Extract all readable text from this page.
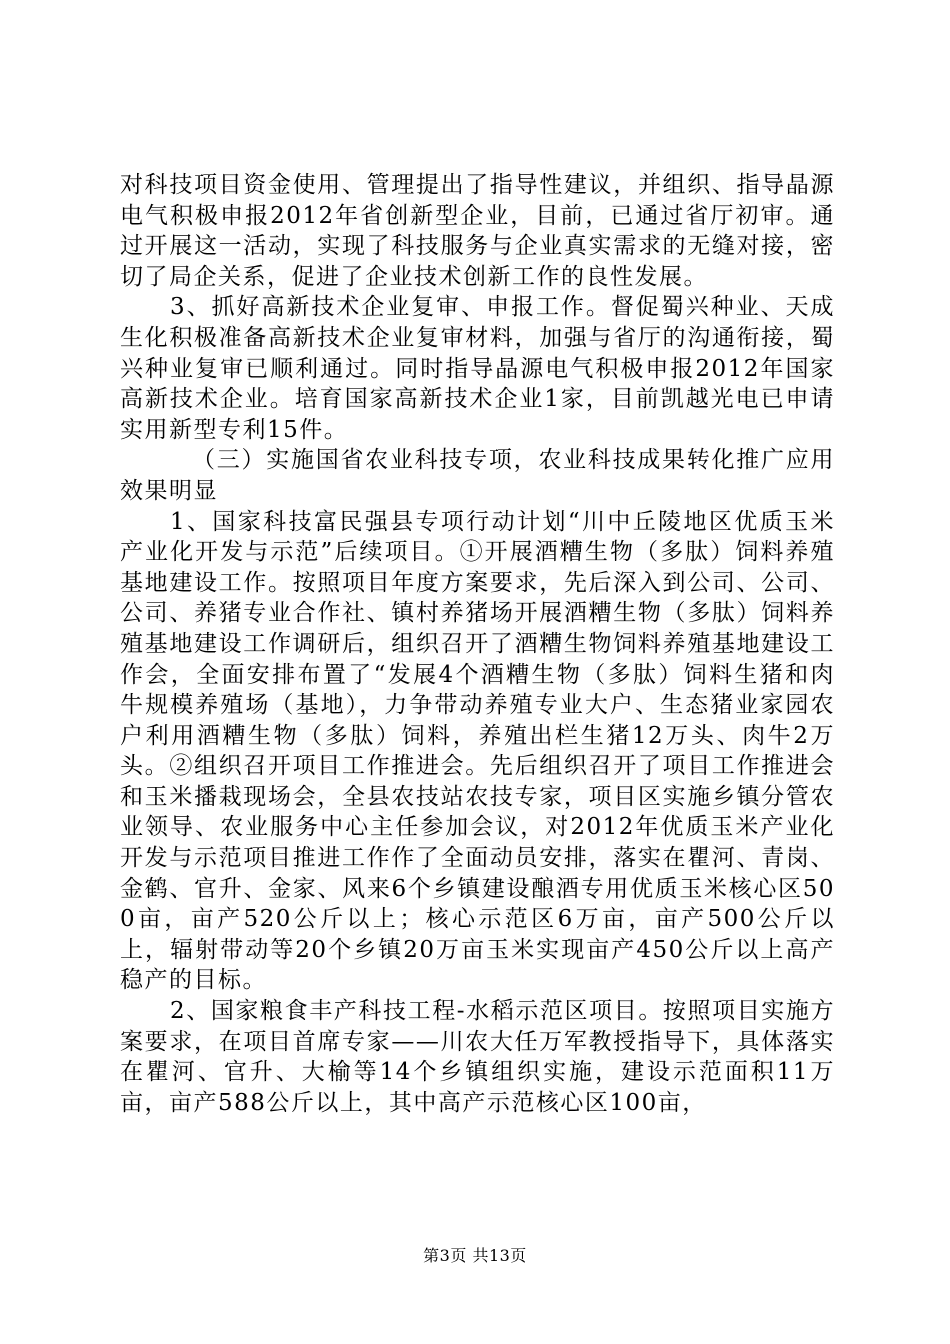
对科技项目资金使用、管理提出了指导性建议，并组织、指导晶源电气积极申报2012年省创新型企业，目前，已通过省厅初审。通过开展这一活动，实现了科技服务与企业真实需求的无缝对接，密切了局企关系，促进了企业技术创新工作的良性发展。

3、抓好高新技术企业复审、申报工作。督促蜀兴种业、天成生化积极准备高新技术企业复审材料，加强与省厅的沟通衔接，蜀兴种业复审已顺利通过。同时指导晶源电气积极申报2012年国家高新技术企业。培育国家高新技术企业1家，目前凯越光电已申请实用新型专利15件。

（三）实施国省农业科技专项，农业科技成果转化推广应用效果明显

1、国家科技富民强县专项行动计划“川中丘陵地区优质玉米产业化开发与示范”后续项目。①开展酒糟生物（多肽）饲料养殖基地建设工作。按照项目年度方案要求，先后深入到公司、公司、公司、养猪专业合作社、镇村养猪场开展酒糟生物（多肽）饲料养殖基地建设工作调研后，组织召开了酒糟生物饲料养殖基地建设工作会，全面安排布置了“发展4个酒糟生物（多肽）饲料生猪和肉牛规模养殖场（基地），力争带动养殖专业大户、生态猪业家园农户利用酒糟生物（多肽）饲料，养殖出栏生猪12万头、肉牛2万头。②组织召开项目工作推进会。先后组织召开了项目工作推进会和玉米播栽现场会，全县农技站农技专家，项目区实施乡镇分管农业领导、农业服务中心主任参加会议，对2012年优质玉米产业化开发与示范项目推进工作作了全面动员安排，落实在瞿河、青岗、金鹤、官升、金家、风来6个乡镇建设酿酒专用优质玉米核心区500亩，亩产520公斤以上；核心示范区6万亩，亩产500公斤以上，辐射带动等20个乡镇20万亩玉米实现亩产450公斤以上高产稳产的目标。

2、国家粮食丰产科技工程-水稻示范区项目。按照项目实施方案要求，在项目首席专家——川农大任万军教授指导下，具体落实在瞿河、官升、大榆等14个乡镇组织实施，建设示范面积11万亩，亩产588公斤以上，其中高产示范核心区100亩，

第3页 共13页
